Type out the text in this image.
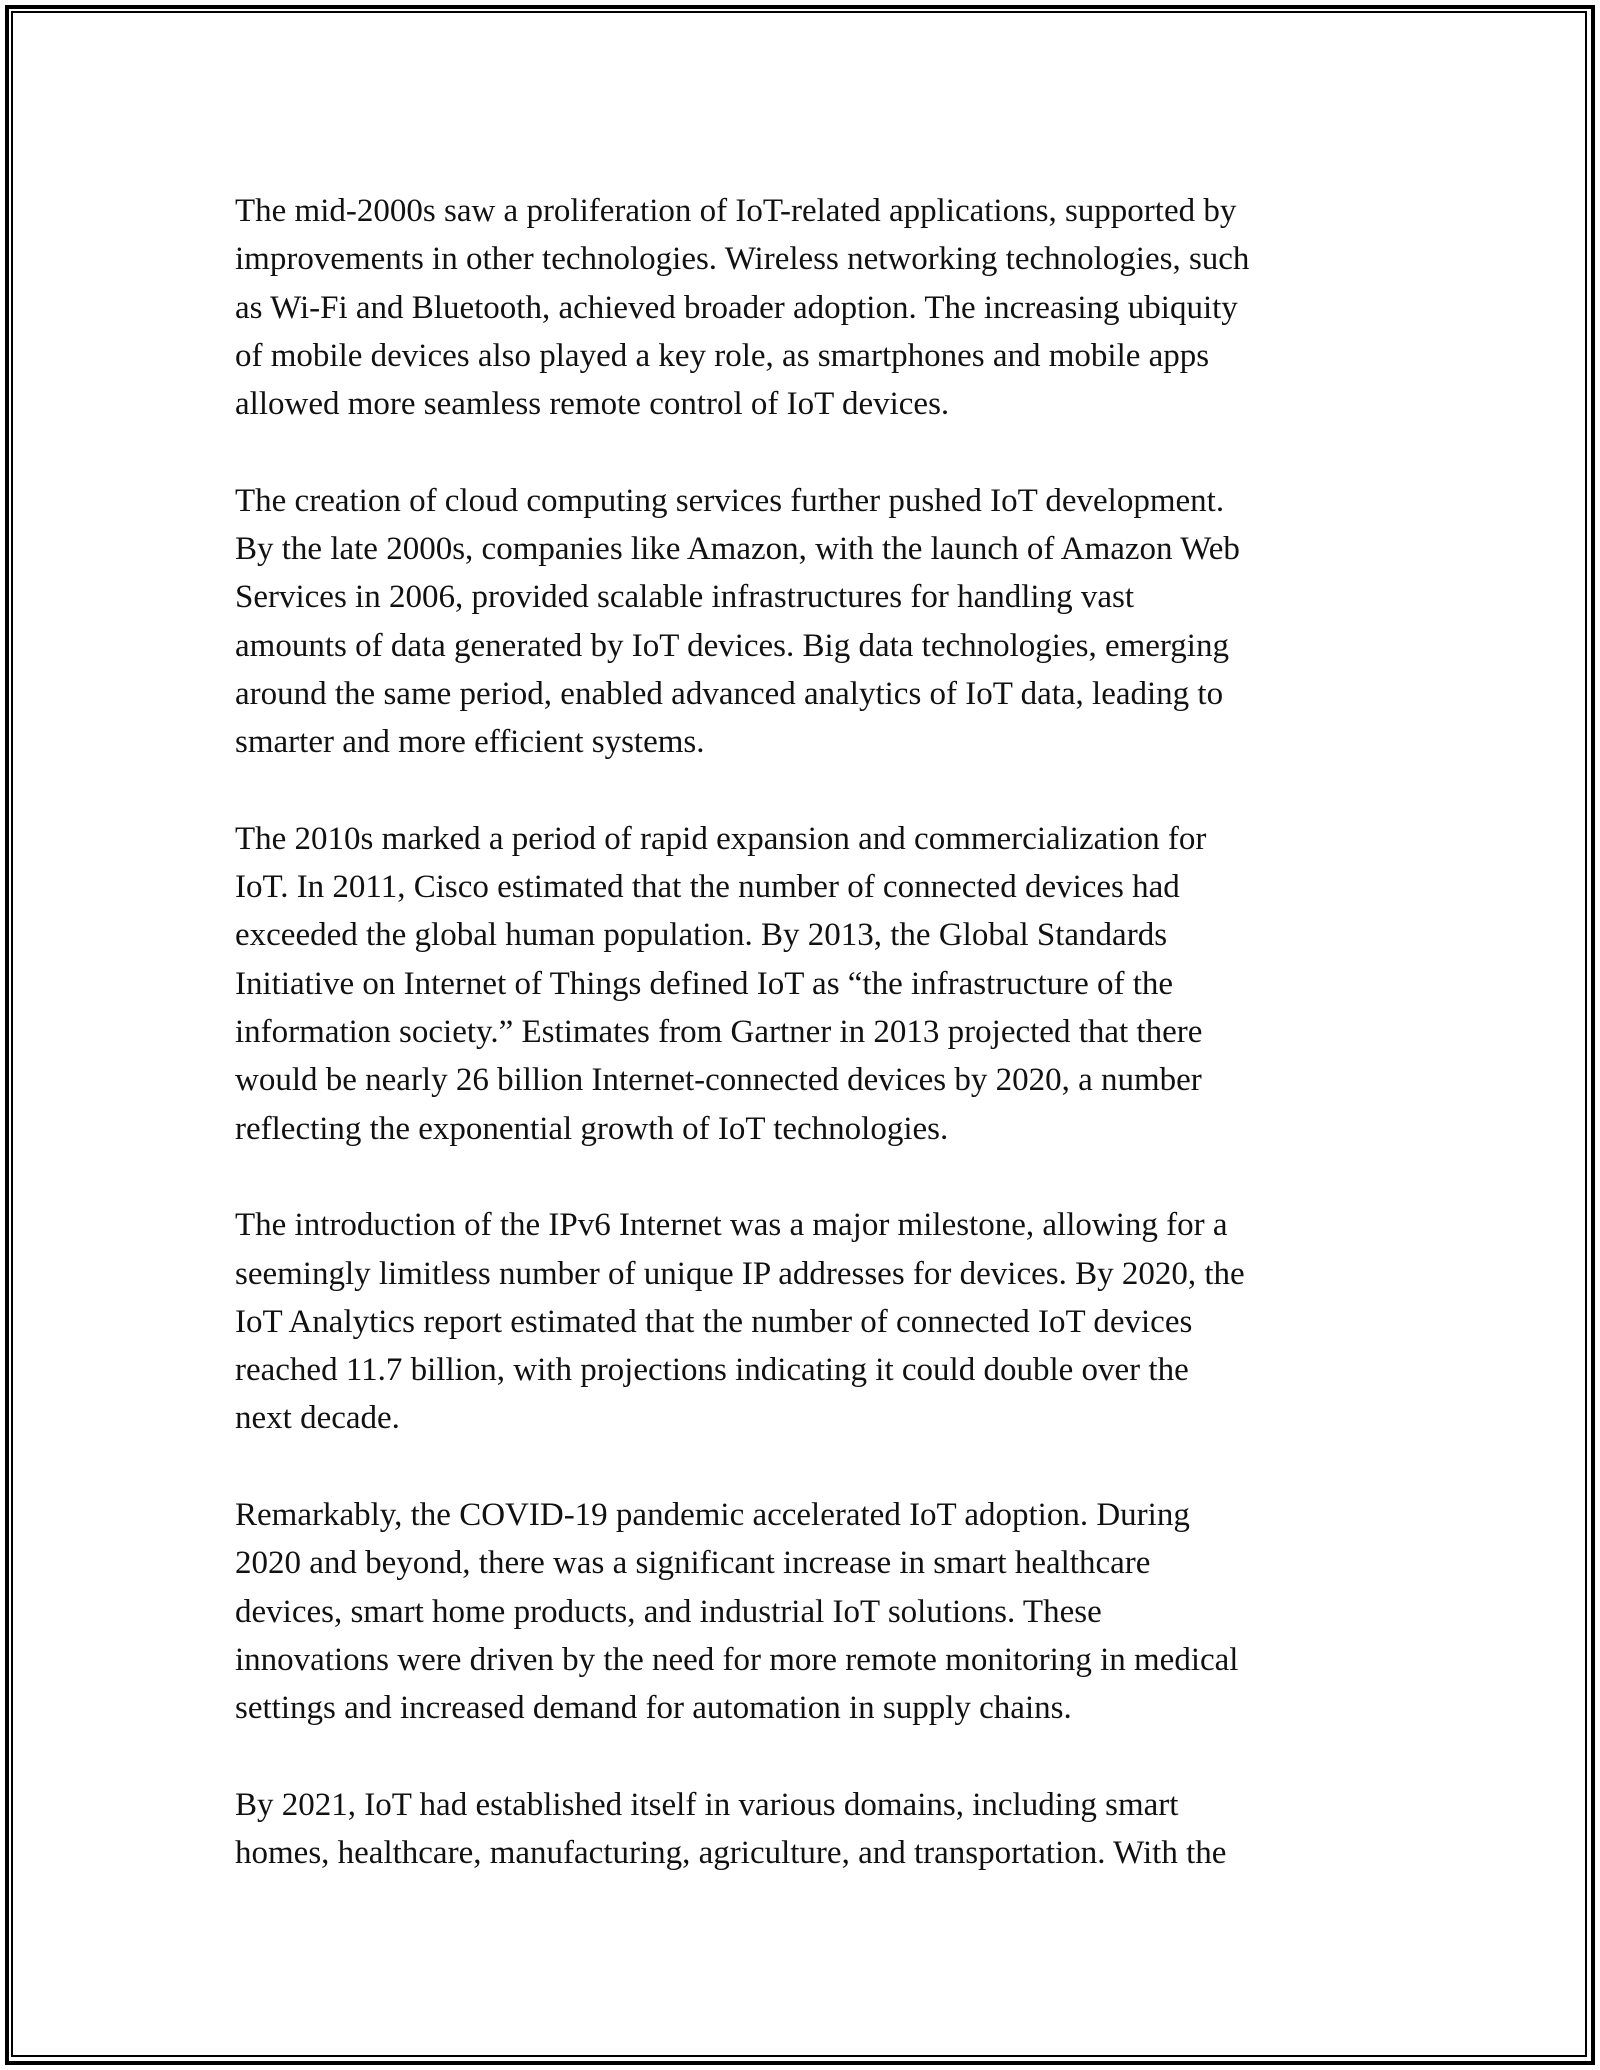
The mid-2000s saw a proliferation of IoT-related applications, supported by
improvements in other technologies. Wireless networking technologies, such
as Wi-Fi and Bluetooth, achieved broader adoption. The increasing ubiquity
of mobile devices also played a key role, as smartphones and mobile apps
allowed more seamless remote control of IoT devices.

The creation of cloud computing services further pushed IoT development.
By the late 2000s, companies like Amazon, with the launch of Amazon Web
Services in 2006, provided scalable infrastructures for handling vast
amounts of data generated by IoT devices. Big data technologies, emerging
around the same period, enabled advanced analytics of IoT data, leading to
smarter and more efficient systems.

The 2010s marked a period of rapid expansion and commercialization for
IoT. In 2011, Cisco estimated that the number of connected devices had
exceeded the global human population. By 2013, the Global Standards
Initiative on Internet of Things defined IoT as “the infrastructure of the
information society.” Estimates from Gartner in 2013 projected that there
would be nearly 26 billion Internet-connected devices by 2020, a number
reflecting the exponential growth of IoT technologies.

The introduction of the IPv6 Internet was a major milestone, allowing for a
seemingly limitless number of unique IP addresses for devices. By 2020, the
IoT Analytics report estimated that the number of connected IoT devices
reached 11.7 billion, with projections indicating it could double over the
next decade.

Remarkably, the COVID-19 pandemic accelerated IoT adoption. During
2020 and beyond, there was a significant increase in smart healthcare
devices, smart home products, and industrial IoT solutions. These
innovations were driven by the need for more remote monitoring in medical
settings and increased demand for automation in supply chains.

By 2021, IoT had established itself in various domains, including smart
homes, healthcare, manufacturing, agriculture, and transportation. With the
